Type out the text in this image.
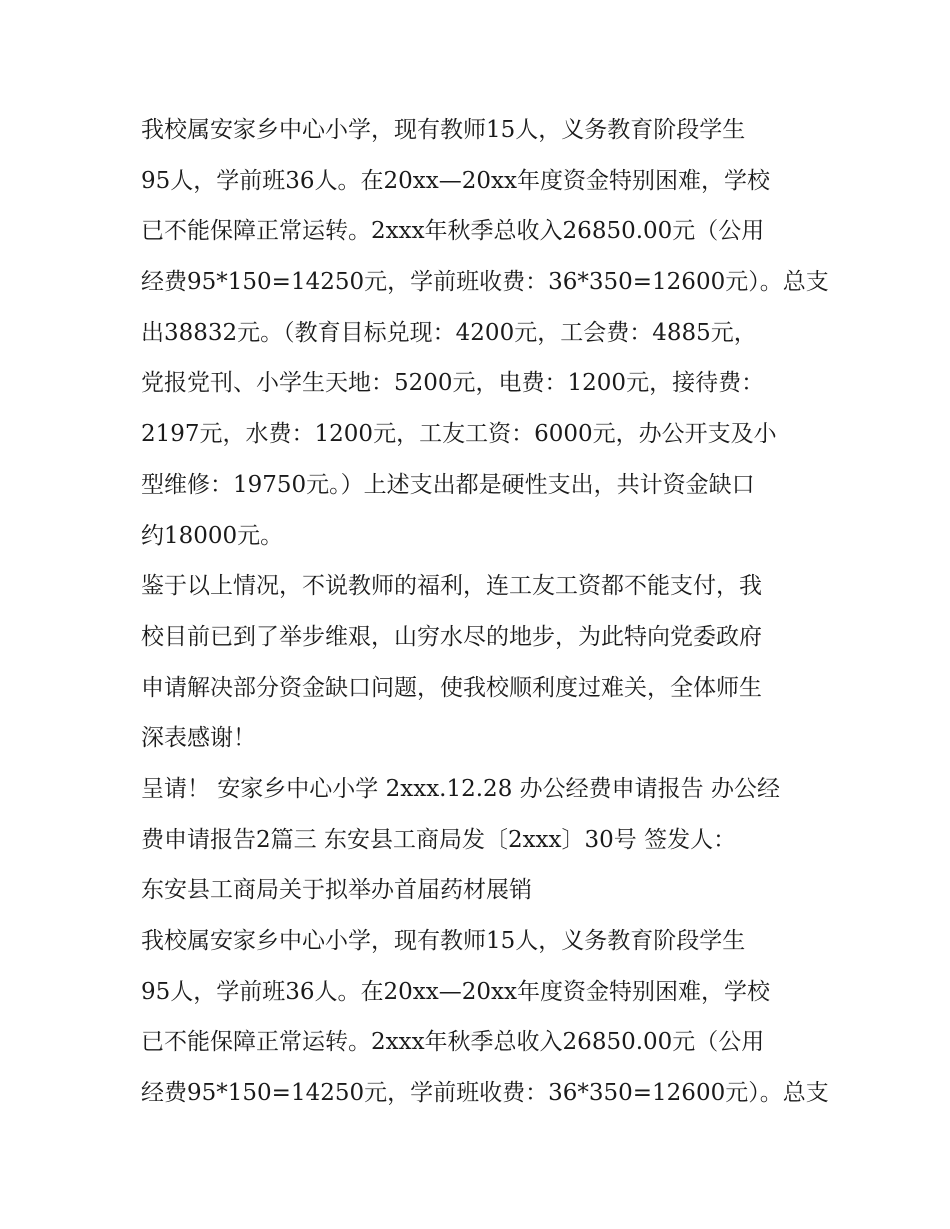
我校属安家乡中心小学，现有教师15人，义务教育阶段学生
95人，学前班36人。在20xx—20xx年度资金特别困难，学校
已不能保障正常运转。2xxx年秋季总收入26850.00元（公用
经费95*150=14250元，学前班收费：36*350=12600元）。总支
出38832元。（教育目标兑现：4200元，工会费：4885元，
党报党刊、小学生天地：5200元，电费：1200元，接待费：
2197元，水费：1200元，工友工资：6000元，办公开支及小
型维修：19750元。）上述支出都是硬性支出，共计资金缺口
约18000元。
鉴于以上情况，不说教师的福利，连工友工资都不能支付，我
校目前已到了举步维艰，山穷水尽的地步，为此特向党委政府
申请解决部分资金缺口问题，使我校顺利度过难关，全体师生
深表感谢！
呈请！ 安家乡中心小学 2xxx.12.28 办公经费申请报告 办公经
费申请报告2篇三 东安县工商局发〔2xxx〕30号 签发人：
东安县工商局关于拟举办首届药材展销
我校属安家乡中心小学，现有教师15人，义务教育阶段学生
95人，学前班36人。在20xx—20xx年度资金特别困难，学校
已不能保障正常运转。2xxx年秋季总收入26850.00元（公用
经费95*150=14250元，学前班收费：36*350=12600元）。总支
